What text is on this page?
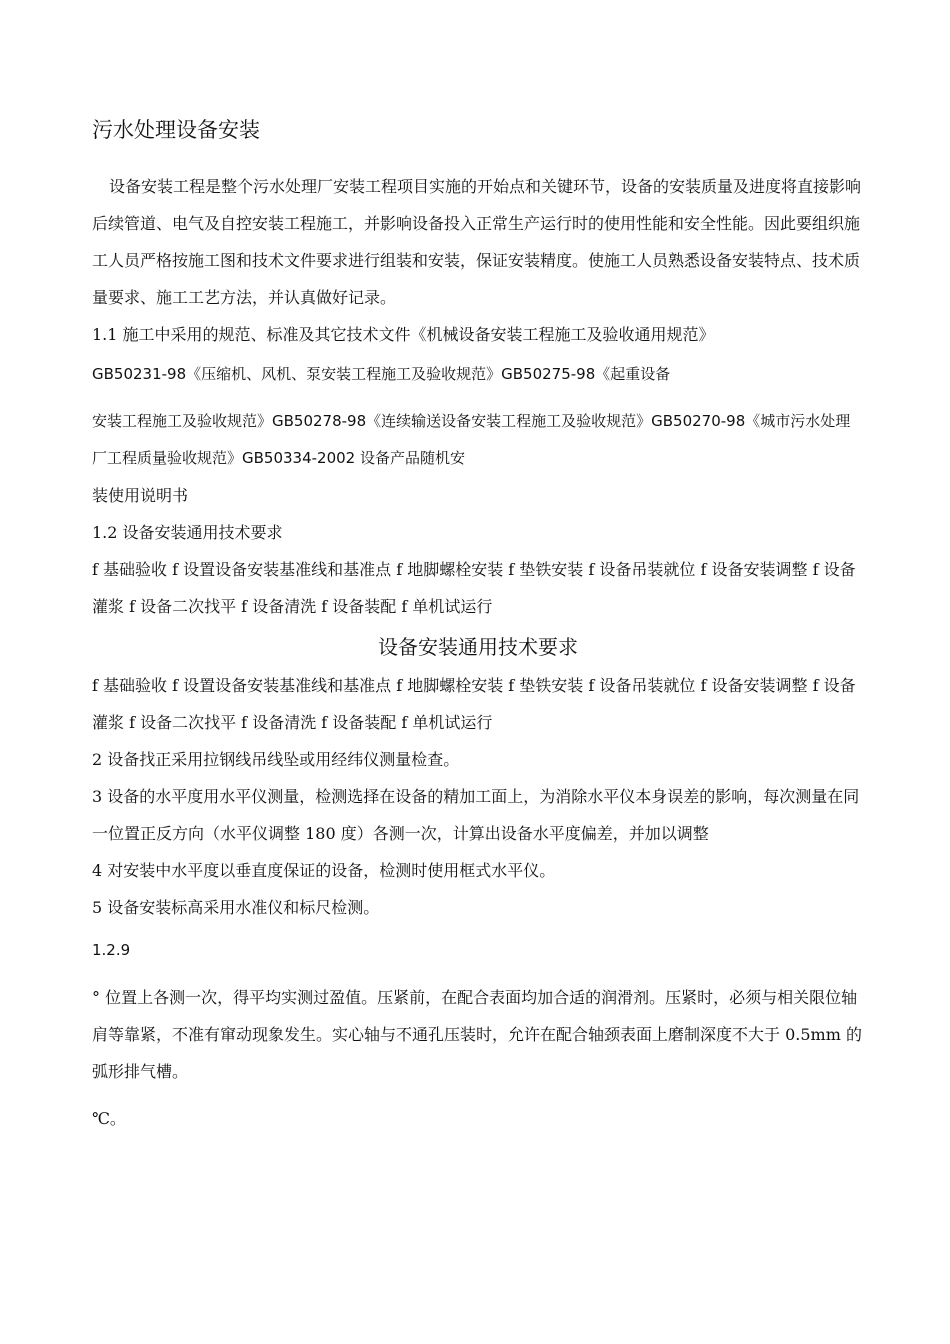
污水处理设备安装

设备安装工程是整个污水处理厂安装工程项目实施的开始点和关键环节，设备的安装质量及进度将直接影响后续管道、电气及自控安装工程施工，并影响设备投入正常生产运行时的使用性能和安全性能。因此要组织施工人员严格按施工图和技术文件要求进行组装和安装，保证安装精度。使施工人员熟悉设备安装特点、技术质量要求、施工工艺方法，并认真做好记录。

1.1 施工中采用的规范、标准及其它技术文件《机械设备安装工程施工及验收通用规范》

GB50231-98《压缩机、风机、泵安装工程施工及验收规范》GB50275-98《起重设备

安装工程施工及验收规范》GB50278-98《连续输送设备安装工程施工及验收规范》GB50270-98《城市污水处理厂工程质量验收规范》GB50334-2002 设备产品随机安

装使用说明书

1.2 设备安装通用技术要求

f 基础验收 f 设置设备安装基准线和基准点 f 地脚螺栓安装 f 垫铁安装 f 设备吊装就位 f 设备安装调整 f 设备灌浆 f 设备二次找平 f 设备清洗 f 设备装配 f 单机试运行

设备安装通用技术要求

f 基础验收 f 设置设备安装基准线和基准点 f 地脚螺栓安装 f 垫铁安装 f 设备吊装就位 f 设备安装调整 f 设备灌浆 f 设备二次找平 f 设备清洗 f 设备装配 f 单机试运行

2 设备找正采用拉钢线吊线坠或用经纬仪测量检查。

3 设备的水平度用水平仪测量，检测选择在设备的精加工面上，为消除水平仪本身误差的影响，每次测量在同一位置正反方向（水平仪调整 180 度）各测一次，计算出设备水平度偏差，并加以调整

4 对安装中水平度以垂直度保证的设备，检测时使用框式水平仪。

5 设备安装标高采用水准仪和标尺检测。

1.2.9

° 位置上各测一次，得平均实测过盈值。压紧前，在配合表面均加合适的润滑剂。压紧时，必须与相关限位轴肩等靠紧，不准有窜动现象发生。实心轴与不通孔压装时，允许在配合轴颈表面上磨制深度不大于 0.5mm 的弧形排气槽。

℃。
